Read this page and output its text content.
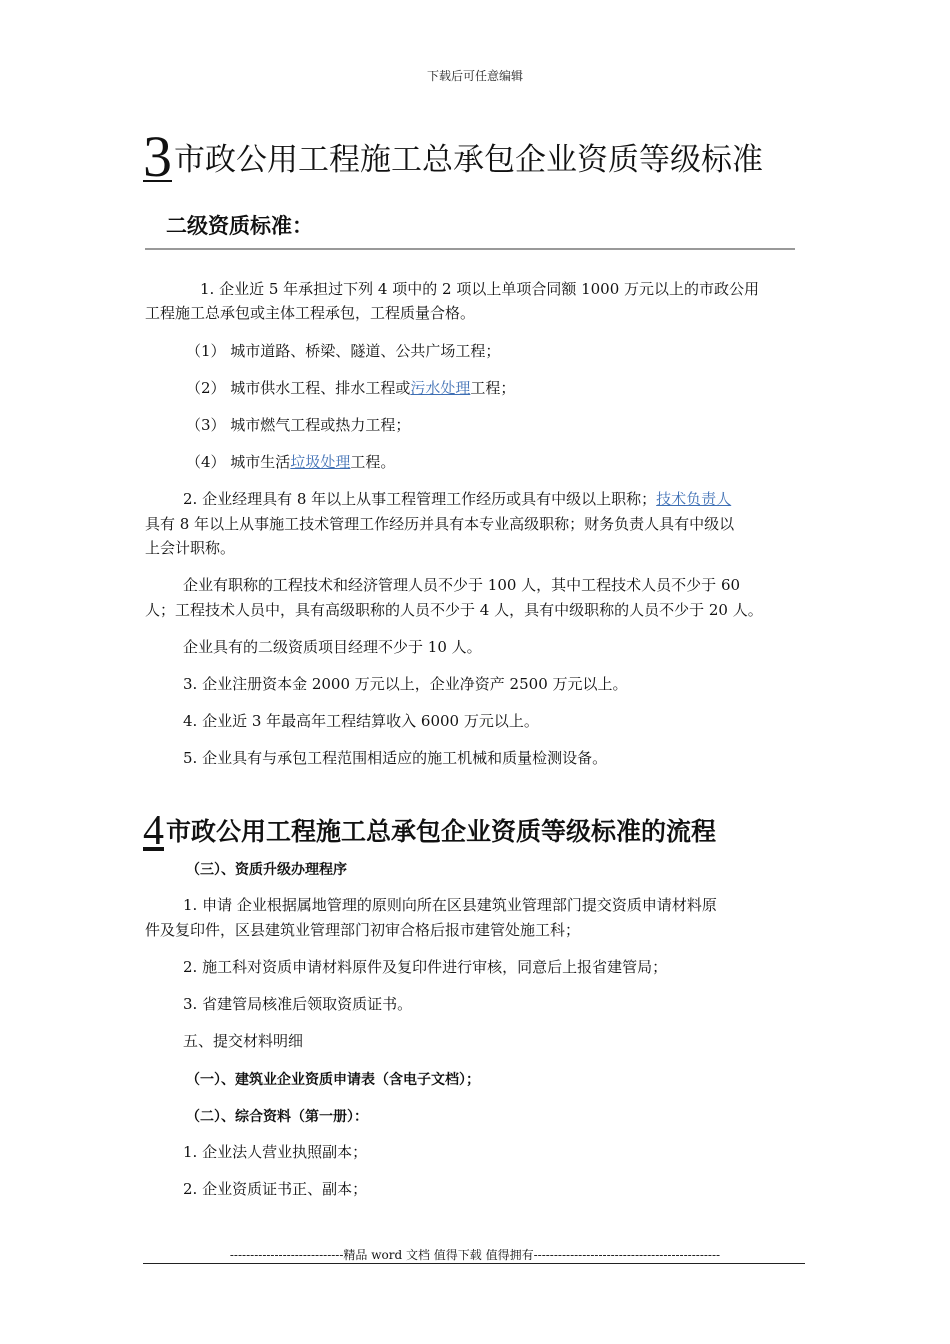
下载后可任意编辑
3市政公用工程施工总承包企业资质等级标准
二级资质标准：
1. 企业近 5 年承担过下列 4 项中的 2 项以上单项合同额 1000 万元以上的市政公用
工程施工总承包或主体工程承包，工程质量合格。
（1） 城市道路、桥梁、隧道、公共广场工程；
（2） 城市供水工程、排水工程或污水处理工程；
（3） 城市燃气工程或热力工程；
（4） 城市生活垃圾处理工程。
2. 企业经理具有 8 年以上从事工程管理工作经历或具有中级以上职称；技术负责人
具有 8 年以上从事施工技术管理工作经历并具有本专业高级职称；财务负责人具有中级以
上会计职称。
企业有职称的工程技术和经济管理人员不少于 100 人，其中工程技术人员不少于 60
人；工程技术人员中，具有高级职称的人员不少于 4 人，具有中级职称的人员不少于 20 人。
企业具有的二级资质项目经理不少于 10 人。
3. 企业注册资本金 2000 万元以上，企业净资产 2500 万元以上。
4. 企业近 3 年最高年工程结算收入 6000 万元以上。
5. 企业具有与承包工程范围相适应的施工机械和质量检测设备。
4市政公用工程施工总承包企业资质等级标准的流程
（三）、资质升级办理程序
1. 申请 企业根据属地管理的原则向所在区县建筑业管理部门提交资质申请材料原
件及复印件，区县建筑业管理部门初审合格后报市建管处施工科；
2. 施工科对资质申请材料原件及复印件进行审核，同意后上报省建管局；
3. 省建管局核准后领取资质证书。
五、提交材料明细
（一）、建筑业企业资质申请表（含电子文档）；
（二）、综合资料（第一册）：
1. 企业法人营业执照副本；
2. 企业资质证书正、副本；
----------------------------精品 word 文档 值得下载 值得拥有----------------------------------------------
